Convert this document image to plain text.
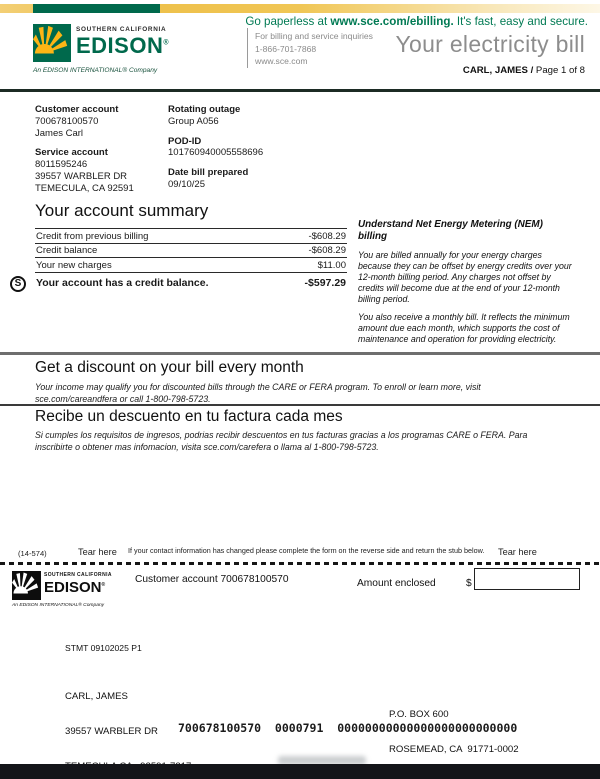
SOUTHERN CALIFORNIA
EDISON®
An EDISON INTERNATIONAL® Company
For billing and service inquiries
1-866-701-7868
www.sce.com
Go paperless at www.sce.com/ebilling. It's fast, easy and secure.
Your electricity bill
CARL, JAMES / Page 1 of 8
Customer account
700678100570
James Carl
Service account
8011595246
39557 WARBLER DR
TEMECULA, CA 92591
Rotating outage
Group A056
POD-ID
101760940005558696
Date bill prepared
09/10/25
Your account summary
Credit from previous billing	-$608.29
Credit balance	-$608.29
Your new charges	$11.00
S	Your account has a credit balance.	-$597.29
Understand Net Energy Metering (NEM) billing

You are billed annually for your energy charges because they can be offset by energy credits over your 12-month billing period. Any charges not offset by credits will become due at the end of your 12-month billing period.

You also receive a monthly bill. It reflects the minimum amount due each month, which supports the cost of maintenance and operation for providing electricity.

Get a discount on your bill every month
Your income may qualify you for discounted bills through the CARE or FERA program. To enroll or learn more, visit sce.com/careandfera or call 1-800-798-5723.
Recibe un descuento en tu factura cada mes
Si cumples los requisitos de ingresos, podrias recibir descuentos en tus facturas gracias a los programas CARE o FERA. Para inscribirte o obtener mas infomacion, visita sce.com/carefera o llama al 1-800-798-5723.
(14-574)	Tear here If your contact information has changed please complete the form on the reverse side and return the stub below.	Tear here
SOUTHERN CALIFORNIA
EDISON®
An EDISON INTERNATIONAL® Company
Customer account 700678100570	Amount enclosed	$
STMT 09102025 P1

CARL, JAMES

39557 WARBLER DR

P.O. BOX 600

ROSEMEAD, CA  91771-0002

700678100570  0000791  00000000000000000000000000
